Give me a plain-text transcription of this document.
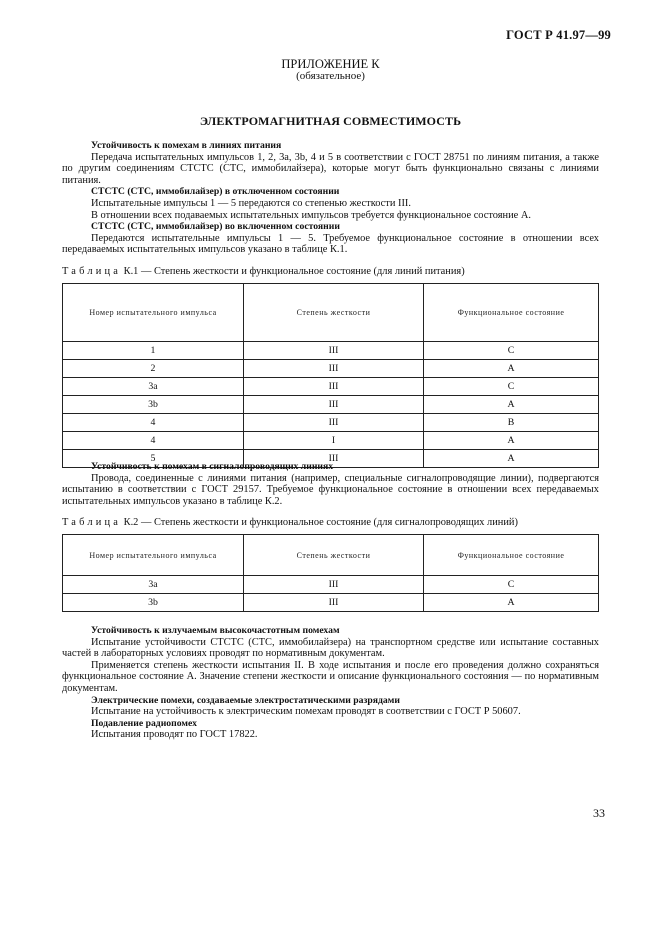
ГОСТ Р 41.97—99
ПРИЛОЖЕНИЕ К
(обязательное)
ЭЛЕКТРОМАГНИТНАЯ СОВМЕСТИМОСТЬ

Устойчивость к помехам в линиях питания

Передача испытательных импульсов 1, 2, 3а, 3b, 4 и 5 в соответствии с ГОСТ 28751 по линиям питания, а также по другим соединениям СТСТС (СТС, иммобилайзера), которые могут быть функционально связаны с линиями питания.

СТСТС (СТС, иммобилайзер) в отключенном состоянии

Испытательные импульсы 1 — 5 передаются со степенью жесткости III.

В отношении всех подаваемых испытательных импульсов требуется функциональное состояние А.

СТСТС (СТС, иммобилайзер) во включенном состоянии

Передаются испытательные импульсы 1 — 5. Требуемое функциональное состояние в отношении всех передаваемых испытательных импульсов указано в таблице К.1.

Таблица К.1 — Степень жесткости и функциональное состояние (для линий питания)
Номер испытательного импульса	Степень жесткости	Функциональное состояние
1	III	С
2	III	А
3а	III	С
3b	III	А
4	III	В
4	I	А
5	III	А

Устойчивость к помехам в сигналопроводящих линиях

Провода, соединенные с линиями питания (например, специальные сигналопроводящие линии), подвергаются испытанию в соответствии с ГОСТ 29157. Требуемое функциональное состояние в отношении всех передаваемых испытательных импульсов указано в таблице К.2.

Таблица К.2 — Степень жесткости и функциональное состояние (для сигналопроводящих линий)
Номер испытательного импульса	Степень жесткости	Функциональное состояние
3а	III	С
3b	III	А

Устойчивость к излучаемым высокочастотным помехам

Испытание устойчивости СТСТС (СТС, иммобилайзера) на транспортном средстве или испытание составных частей в лабораторных условиях проводят по нормативным документам.

Применяется степень жесткости испытания II. В ходе испытания и после его проведения должно сохраняться функциональное состояние А. Значение степени жесткости и описание функционального состояния — по нормативным документам.

Электрические помехи, создаваемые электростатическими разрядами

Испытание на устойчивость к электрическим помехам проводят в соответствии с ГОСТ Р 50607.

Подавление радиопомех

Испытания проводят по ГОСТ 17822.

33
